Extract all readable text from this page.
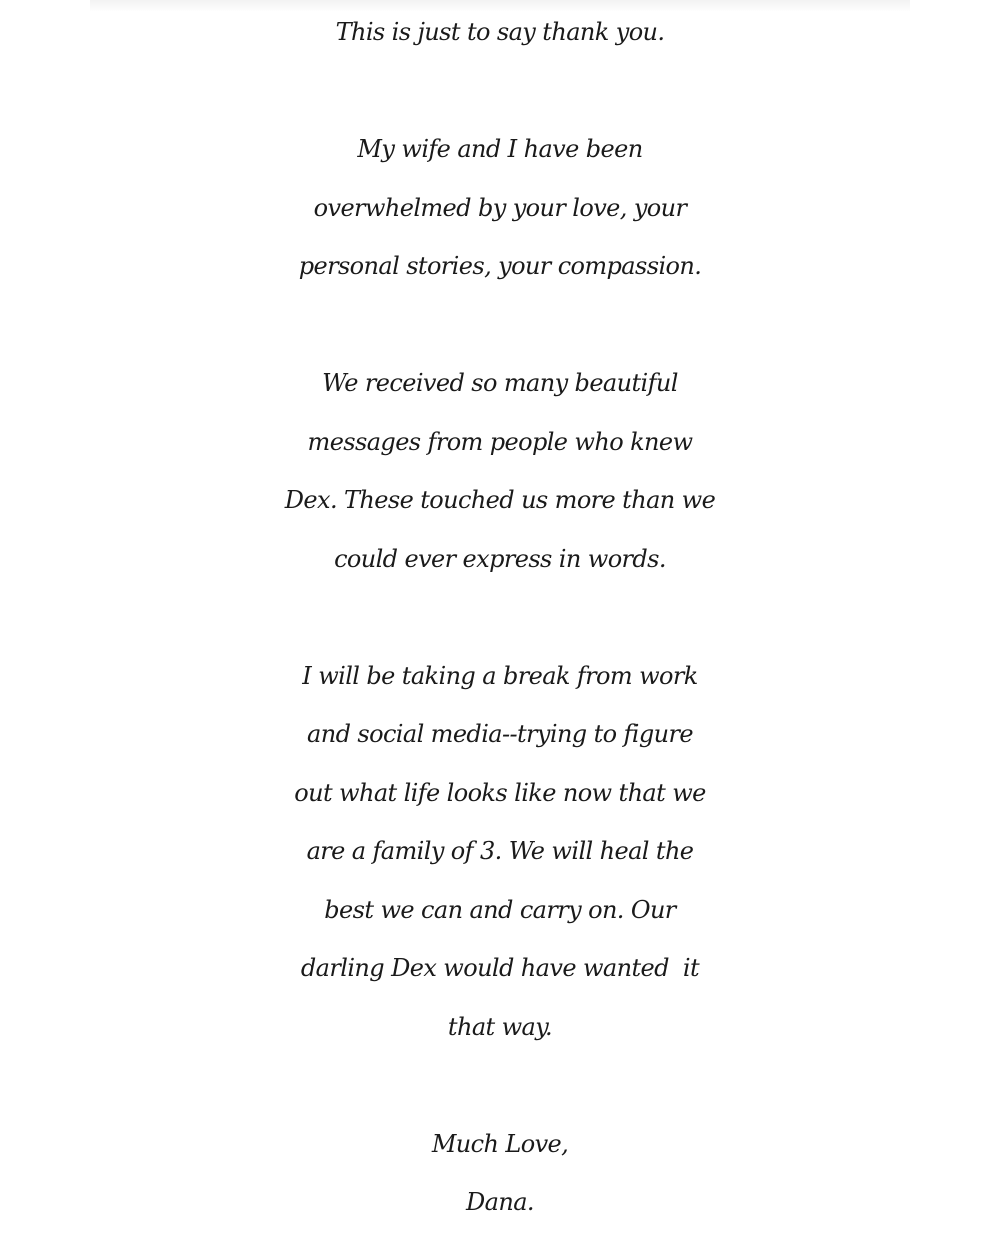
This is just to say thank you.
My wife and I have been
overwhelmed by your love, your
personal stories, your compassion.
We received so many beautiful
messages from people who knew
Dex. These touched us more than we
could ever express in words.
I will be taking a break from work
and social media--trying to figure
out what life looks like now that we
are a family of 3. We will heal the
best we can and carry on. Our
darling Dex would have wanted  it
that way.
Much Love,
Dana.
